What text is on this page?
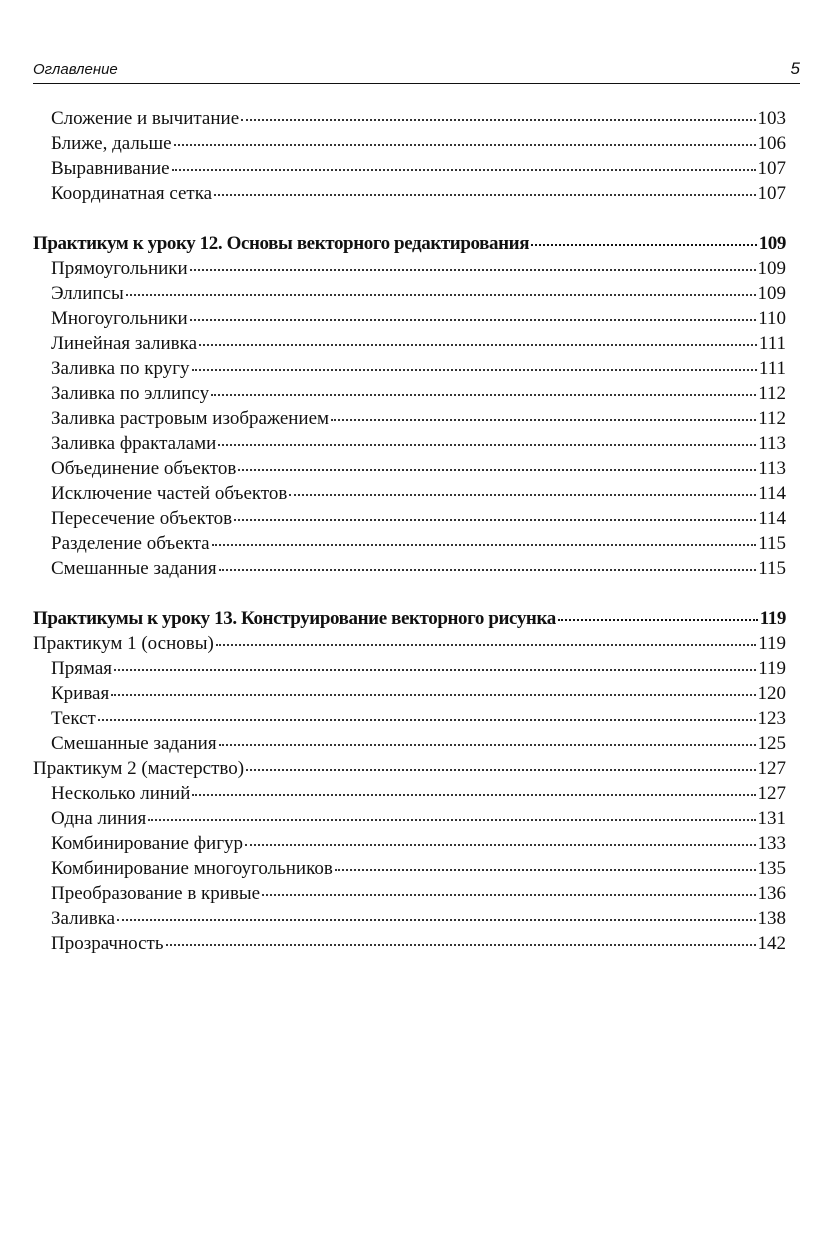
Оглавление	5
Сложение и вычитание	103
Ближе, дальше	106
Выравнивание	107
Координатная сетка	107
Практикум к уроку 12. Основы векторного редактирования	109
Прямоугольники	109
Эллипсы	109
Многоугольники	110
Линейная заливка	111
Заливка по кругу	111
Заливка по эллипсу	112
Заливка растровым изображением	112
Заливка фракталами	113
Объединение объектов	113
Исключение частей объектов	114
Пересечение объектов	114
Разделение объекта	115
Смешанные задания	115
Практикумы к уроку 13. Конструирование векторного рисунка	119
Практикум 1 (основы)	119
Прямая	119
Кривая	120
Текст	123
Смешанные задания	125
Практикум 2 (мастерство)	127
Несколько линий	127
Одна линия	131
Комбинирование фигур	133
Комбинирование многоугольников	135
Преобразование в кривые	136
Заливка	138
Прозрачность	142
